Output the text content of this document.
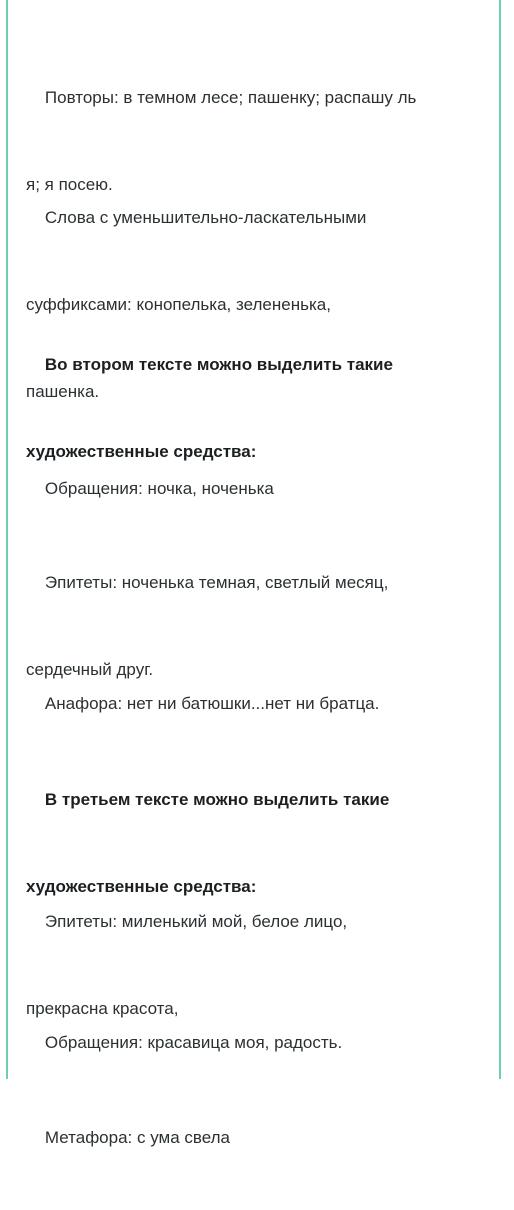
Повторы: в темном лесе; пашенку; распашу ль

я; я посею.

Слова с уменьшительно-ласкательными

суффиксами: конопелька, зелененька,

пашенка.

Во втором тексте можно выделить такие

художественные средства:

Обращения: ночка, ноченька

Эпитеты: ноченька темная, светлый месяц,

сердечный друг.

Анафора: нет ни батюшки...нет ни братца.

В третьем тексте можно выделить такие

художественные средства:

Эпитеты: миленький мой, белое лицо,

прекрасна красота,

Обращения: красавица моя, радость.

Метафора: с ума свела
